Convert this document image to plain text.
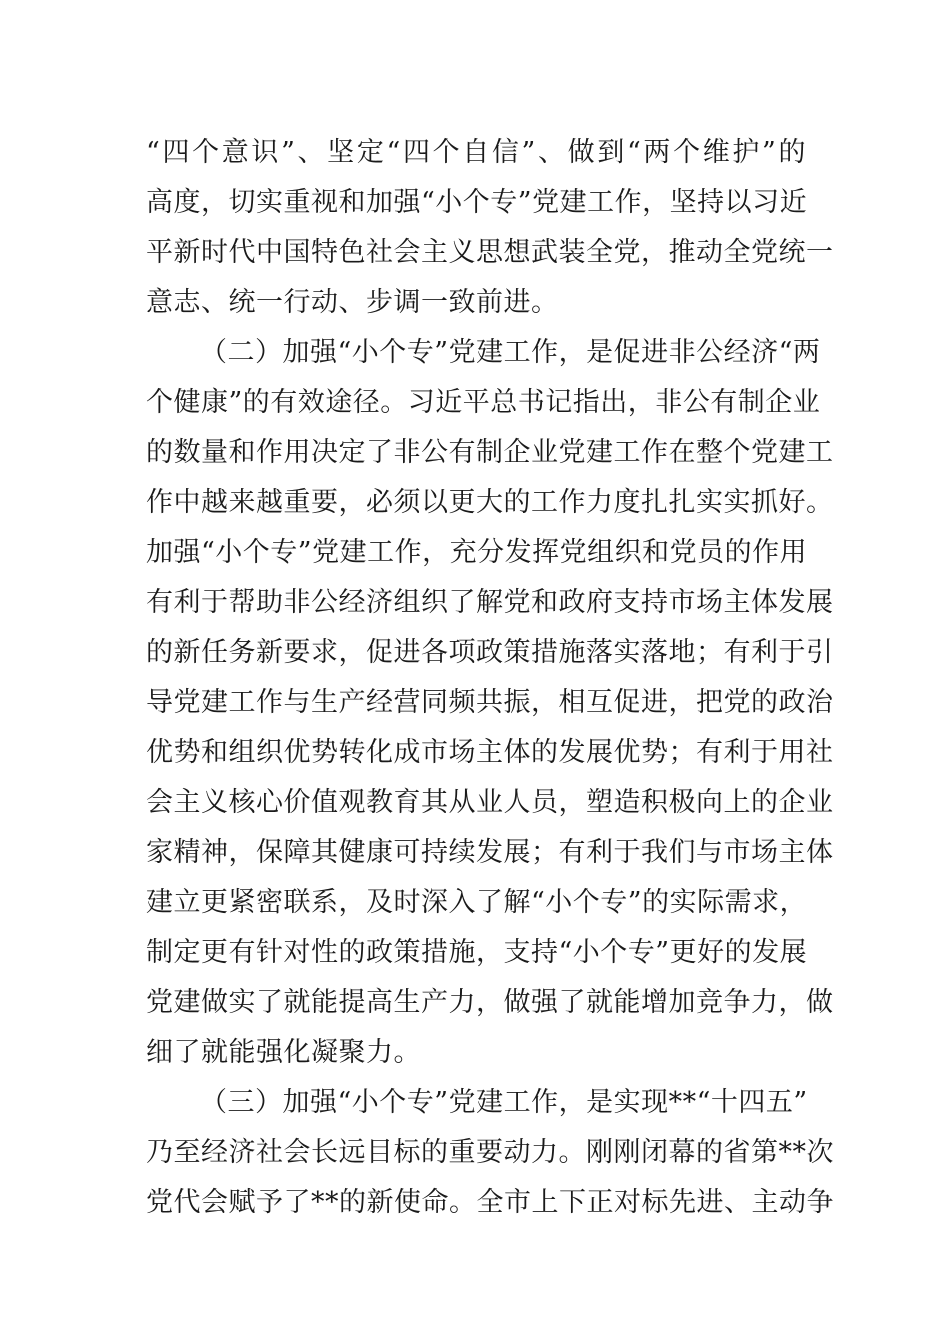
“四个意识”、坚定“四个自信”、做到“两个维护”的
高度，切实重视和加强“小个专”党建工作，坚持以习近
平新时代中国特色社会主义思想武装全党，推动全党统一
意志、统一行动、步调一致前进。
（二）加强“小个专”党建工作，是促进非公经济“两
个健康”的有效途径。习近平总书记指出，非公有制企业
的数量和作用决定了非公有制企业党建工作在整个党建工
作中越来越重要，必须以更大的工作力度扎扎实实抓好。
加强“小个专”党建工作，充分发挥党组织和党员的作用
有利于帮助非公经济组织了解党和政府支持市场主体发展
的新任务新要求，促进各项政策措施落实落地；有利于引
导党建工作与生产经营同频共振，相互促进，把党的政治
优势和组织优势转化成市场主体的发展优势；有利于用社
会主义核心价值观教育其从业人员，塑造积极向上的企业
家精神，保障其健康可持续发展；有利于我们与市场主体
建立更紧密联系，及时深入了解“小个专”的实际需求，
制定更有针对性的政策措施，支持“小个专”更好的发展
党建做实了就能提高生产力，做强了就能增加竞争力，做
细了就能强化凝聚力。
（三）加强“小个专”党建工作，是实现**“十四五”
乃至经济社会长远目标的重要动力。刚刚闭幕的省第**次
党代会赋予了**的新使命。全市上下正对标先进、主动争
